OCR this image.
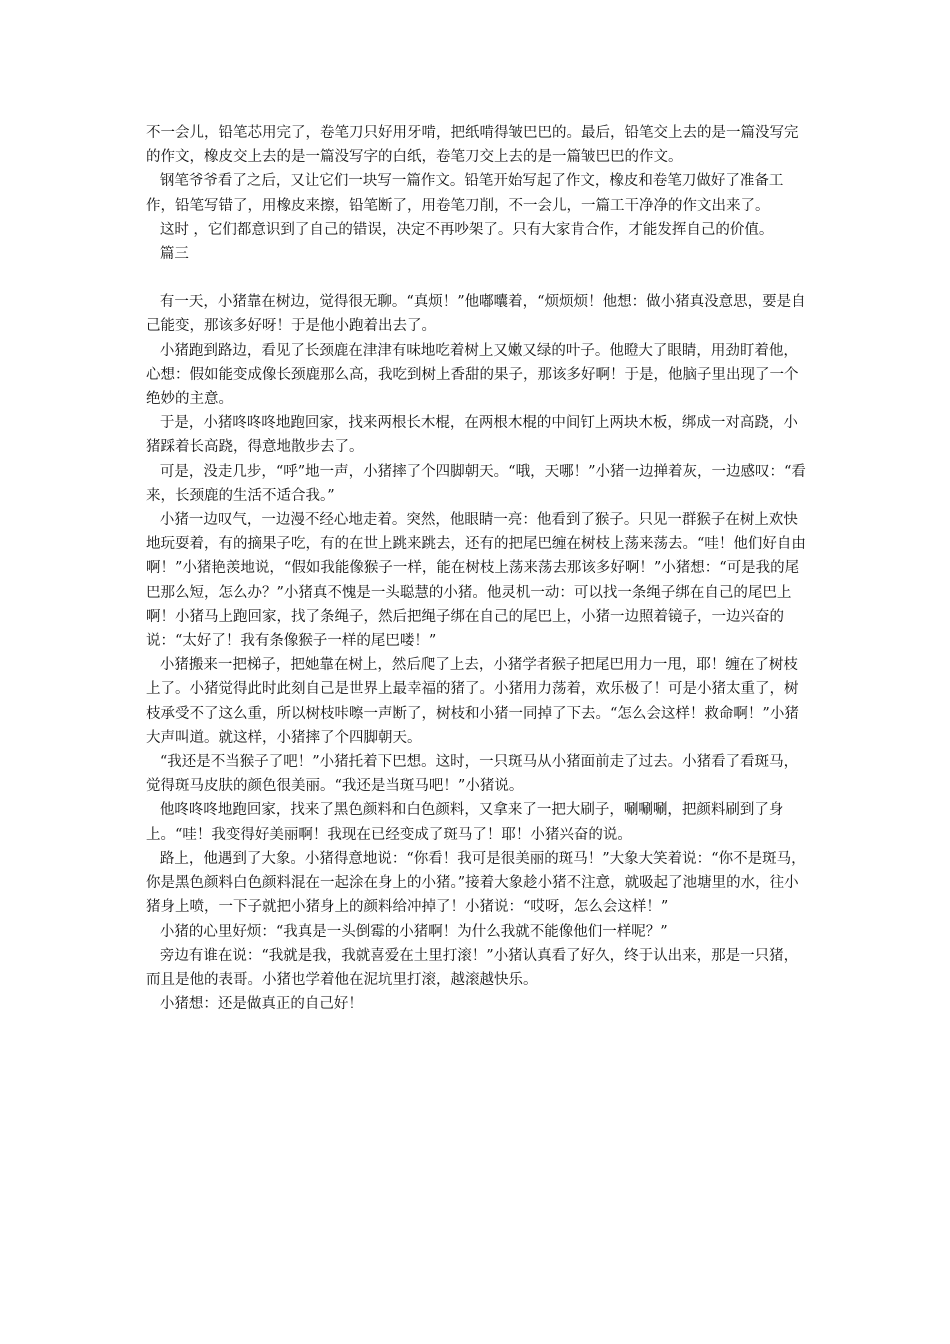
不一会儿，铅笔芯用完了，卷笔刀只好用牙啃，把纸啃得皱巴巴的。最后，铅笔交上去的是一篇没写完的作文，橡皮交上去的是一篇没写字的白纸，卷笔刀交上去的是一篇皱巴巴的作文。

钢笔爷爷看了之后，又让它们一块写一篇作文。铅笔开始写起了作文，橡皮和卷笔刀做好了准备工作，铅笔写错了，用橡皮来擦，铅笔断了，用卷笔刀削，不一会儿，一篇工干净净的作文出来了。

这时 ，它们都意识到了自己的错误，决定不再吵架了。只有大家肯合作，才能发挥自己的价值。

篇三

有一天，小猪靠在树边，觉得很无聊。“真烦！”他嘟囔着，“烦烦烦！他想：做小猪真没意思，要是自己能变，那该多好呀！于是他小跑着出去了。

小猪跑到路边，看见了长颈鹿在津津有味地吃着树上又嫩又绿的叶子。他瞪大了眼睛，用劲盯着他，心想：假如能变成像长颈鹿那么高，我吃到树上香甜的果子，那该多好啊！于是，他脑子里出现了一个绝妙的主意。

于是，小猪咚咚咚地跑回家，找来两根长木棍，在两根木棍的中间钉上两块木板，绑成一对高跷，小猪踩着长高跷，得意地散步去了。

可是，没走几步，“呼”地一声，小猪摔了个四脚朝天。“哦，天哪！”小猪一边掸着灰，一边感叹：“看来，长颈鹿的生活不适合我。”

小猪一边叹气，一边漫不经心地走着。突然，他眼睛一亮：他看到了猴子。只见一群猴子在树上欢快地玩耍着，有的摘果子吃，有的在世上跳来跳去，还有的把尾巴缠在树枝上荡来荡去。“哇！他们好自由啊！”小猪艳羡地说，“假如我能像猴子一样，能在树枝上荡来荡去那该多好啊！”小猪想：“可是我的尾巴那么短，怎么办？”小猪真不愧是一头聪慧的小猪。他灵机一动：可以找一条绳子绑在自己的尾巴上啊！小猪马上跑回家，找了条绳子，然后把绳子绑在自己的尾巴上，小猪一边照着镜子，一边兴奋的说：“太好了！我有条像猴子一样的尾巴喽！”

小猪搬来一把梯子，把她靠在树上，然后爬了上去，小猪学者猴子把尾巴用力一甩，耶！缠在了树枝上了。小猪觉得此时此刻自己是世界上最幸福的猪了。小猪用力荡着，欢乐极了！可是小猪太重了，树枝承受不了这么重，所以树枝咔嚓一声断了，树枝和小猪一同掉了下去。“怎么会这样！救命啊！”小猪大声叫道。就这样，小猪摔了个四脚朝天。

“我还是不当猴子了吧！”小猪托着下巴想。这时，一只斑马从小猪面前走了过去。小猪看了看斑马，觉得斑马皮肤的颜色很美丽。“我还是当斑马吧！”小猪说。

他咚咚咚地跑回家，找来了黑色颜料和白色颜料，又拿来了一把大刷子，唰唰唰，把颜料刷到了身上。“哇！我变得好美丽啊！我现在已经变成了斑马了！耶！小猪兴奋的说。

路上，他遇到了大象。小猪得意地说：“你看！我可是很美丽的斑马！”大象大笑着说：“你不是斑马，你是黑色颜料白色颜料混在一起涂在身上的小猪。”接着大象趁小猪不注意，就吸起了池塘里的水，往小猪身上喷，一下子就把小猪身上的颜料给冲掉了！小猪说：“哎呀，怎么会这样！”

小猪的心里好烦：“我真是一头倒霉的小猪啊！为什么我就不能像他们一样呢？”

旁边有谁在说：“我就是我，我就喜爱在土里打滚！”小猪认真看了好久，终于认出来，那是一只猪，而且是他的表哥。小猪也学着他在泥坑里打滚，越滚越快乐。

小猪想：还是做真正的自己好！
